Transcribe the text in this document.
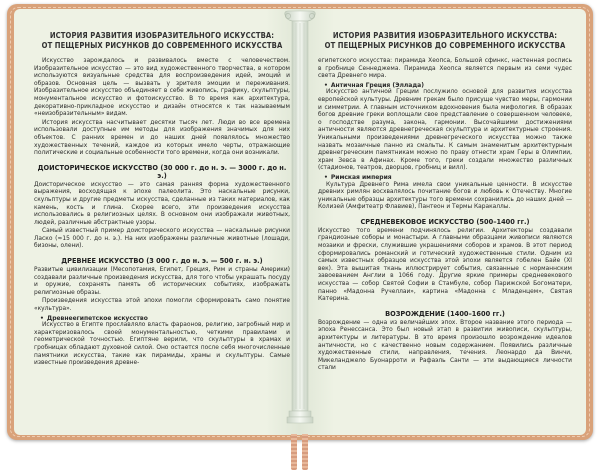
ИСТОРИЯ РАЗВИТИЯ ИЗОБРАЗИТЕЛЬНОГО ИСКУССТВА:
ОТ ПЕЩЕРНЫХ РИСУНКОВ ДО СОВРЕМЕННОГО ИСКУССТВА

Искусство зарождалось и развивалось вместе с человечеством. Изобразительное искусство — это вид художественного творчества, в котором используются визуальные средства для воспроизведения идей, эмоций и образов. Основная цель — вызвать у зрителя эмоции и переживания. Изобразительное искусство объединяет в себе живопись, графику, скульптуры, монументальное искусство и фотоискусство. В то время как архитектура, декоративно-прикладное искусство и дизайн относятся к так называемым «неизобразительным» видам.

История искусства насчитывает десятки тысяч лет. Люди во все времена использовали доступные им методы для изображения значимых для них объектов. С ранних времен и до наших дней появлялось множество художественных течений, каждое из которых имело черты, отражающие политические и социальные особенности того времени, когда они возникали.

ДОИСТОРИЧЕСКОЕ ИСКУССТВО (30 000 г. до н. э. — 3000 г. до н. э.)

Доисторическое искусство — это самая ранняя форма художественного выражения, восходящая к эпохе палеолита. Это наскальные рисунки, скульптуры и другие предметы искусства, сделанные из таких материалов, как камень, кость и глина. Скорее всего, эти произведения искусства использовались в религиозных целях. В основном они изображали животных, людей, различные абстрактные узоры.

Самый известный пример доисторического искусства — наскальные рисунки Ласко (≈15 000 г. до н. э.). На них изображены различные животные (лошади, бизоны, олени).

ДРЕВНЕЕ ИСКУССТВО (3 000 г. до н. э. — 500 г. н. э.)

Развитые цивилизации (Месопотамия, Египет, Греция, Рим и страны Америки) создавали различные произведения искусства, для того чтобы украшать посуду и оружие, сохранять память об исторических событиях, изображать религиозные образы.

Произведения искусства этой эпохи помогли сформировать само понятие «культура».

• Древнеегипетское искусство

Искусство в Египте прославляло власть фараонов, религию, загробный мир и характеризовалось своей монументальностью, четкими правилами и геометрической точностью. Египтяне верили, что скульптуры в храмах и гробницах обладают духовной силой. Оно остается после себя многочисленные памятники искусства, такие как пирамиды, храмы и скульптуры. Самые известные произведения древне-

ИСТОРИЯ РАЗВИТИЯ ИЗОБРАЗИТЕЛЬНОГО ИСКУССТВА:
ОТ ПЕЩЕРНЫХ РИСУНКОВ ДО СОВРЕМЕННОГО ИСКУССТВА

египетского искусства: пирамида Хеопса, Большой сфинкс, настенная роспись в гробнице Сеннеджема. Пирамида Хеопса является первым из семи чудес света Древнего мира.

• Античная Греция (Эллада)

Искусство античной Греции послужило основой для развития искусства европейской культуры. Древним грекам было присуще чувство меры, гармонии и симметрии. А главным источником вдохновения была мифология. В образах богов древние греки воплощали свое представление о совершенном человеке, о господстве разума, закона, гармонии. Высочайшими достижениями античности являются древнегреческая скульптура и архитектурные строения. Уникальными произведениями древнегреческого искусства можно также назвать мозаичные панно из смальты. К самым знаменитым архитектурным древнегреческим памятникам можно по праву отнести храм Геры в Олимпии, храм Зевса в Афинах. Кроме того, греки создали множество различных (стадионов, театров, дворцов, гробниц и вилл).

• Римская империя

Культура Древнего Рима имела свои уникальные ценности. В искусстве древних римлян восхвалялось почитание богов и любовь к Отечеству. Многие уникальные образцы архитектуры того времени сохранились до наших дней — Колизей (Амфитеатр Флавиев), Пантеон и Термы Каракаллы.

СРЕДНЕВЕКОВОЕ ИСКУССТВО (500–1400 гг.)

Искусство того времени подчинялось религии. Архитекторы создавали грандиозные соборы и монастыри. А главными образцами живописи являются мозаики и фрески, служившие украшениями соборов и храмов. В этот период сформировались романский и готический художественные стили. Одним из самых известных образцов искусства этой эпохи является гобелен Байе (XI век). Эта вышитая ткань иллюстрирует события, связанные с норманнским завоеванием Англии в 1066 году. Другие яркие примеры средневекового искусства — собор Святой Софии в Стамбуле, собор Парижской Богоматери, панно «Мадонна Ручеллаи», картина «Мадонна с Младенцем», Святая Катерина.

ВОЗРОЖДЕНИЕ (1400–1600 гг.)

Возрождение — одна из величайших эпох. Второе название этого периода — эпоха Ренессанса. Это был новый этап в развитии живописи, скульптуры, архитектуры и литературы. В это время произошло возрождение идеалов античности, но с качественно новым содержанием. Появились различные художественные стили, направления, течения. Леонардо да Винчи, Микеланджело Буонарроти и Рафаэль Санти — эти выдающиеся личности стали
